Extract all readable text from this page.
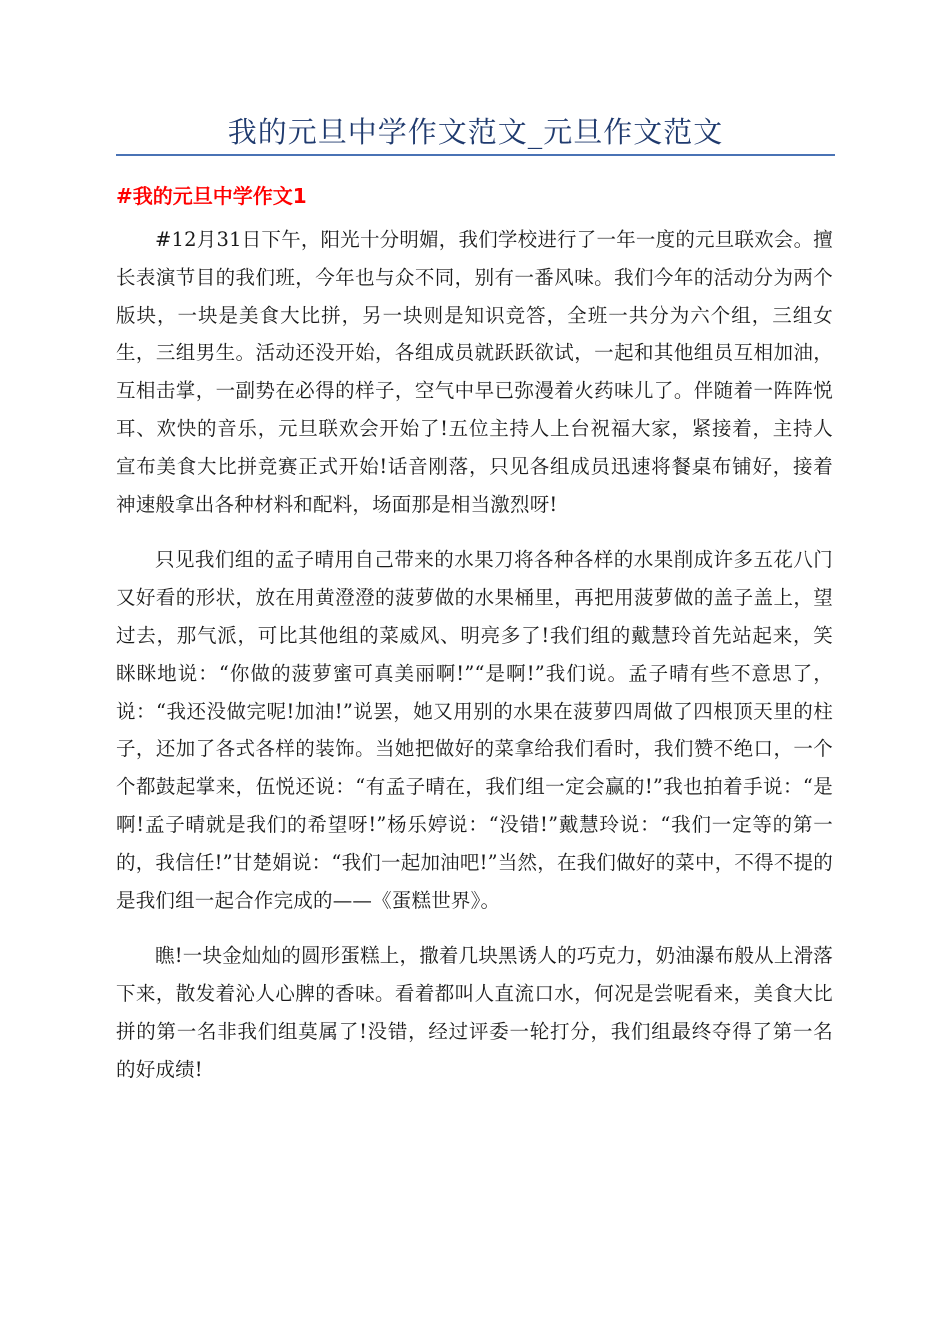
我的元旦中学作文范文_元旦作文范文
#我的元旦中学作文1

#12月31日下午，阳光十分明媚，我们学校进行了一年一度的元旦联欢会。擅长表演节目的我们班，今年也与众不同，别有一番风味。我们今年的活动分为两个版块，一块是美食大比拼，另一块则是知识竞答，全班一共分为六个组，三组女生，三组男生。活动还没开始，各组成员就跃跃欲试，一起和其他组员互相加油，互相击掌，一副势在必得的样子，空气中早已弥漫着火药味儿了。伴随着一阵阵悦耳、欢快的音乐，元旦联欢会开始了!五位主持人上台祝福大家，紧接着，主持人宣布美食大比拼竞赛正式开始!话音刚落，只见各组成员迅速将餐桌布铺好，接着神速般拿出各种材料和配料，场面那是相当激烈呀!

只见我们组的孟子晴用自己带来的水果刀将各种各样的水果削成许多五花八门又好看的形状，放在用黄澄澄的菠萝做的水果桶里，再把用菠萝做的盖子盖上，望过去，那气派，可比其他组的菜威风、明亮多了!我们组的戴慧玲首先站起来，笑眯眯地说：“你做的菠萝蜜可真美丽啊!”“是啊!”我们说。孟子晴有些不意思了，说：“我还没做完呢!加油!”说罢，她又用别的水果在菠萝四周做了四根顶天里的柱子，还加了各式各样的装饰。当她把做好的菜拿给我们看时，我们赞不绝口，一个个都鼓起掌来，伍悦还说：“有孟子晴在，我们组一定会赢的!”我也拍着手说：“是啊!孟子晴就是我们的希望呀!”杨乐婷说：“没错!”戴慧玲说：“我们一定等的第一的，我信任!”甘楚娟说：“我们一起加油吧!”当然，在我们做好的菜中，不得不提的是我们组一起合作完成的——《蛋糕世界》。

瞧!一块金灿灿的圆形蛋糕上，撒着几块黑诱人的巧克力，奶油瀑布般从上滑落下来，散发着沁人心脾的香味。看着都叫人直流口水，何况是尝呢看来，美食大比拼的第一名非我们组莫属了!没错，经过评委一轮打分，我们组最终夺得了第一名的好成绩!
